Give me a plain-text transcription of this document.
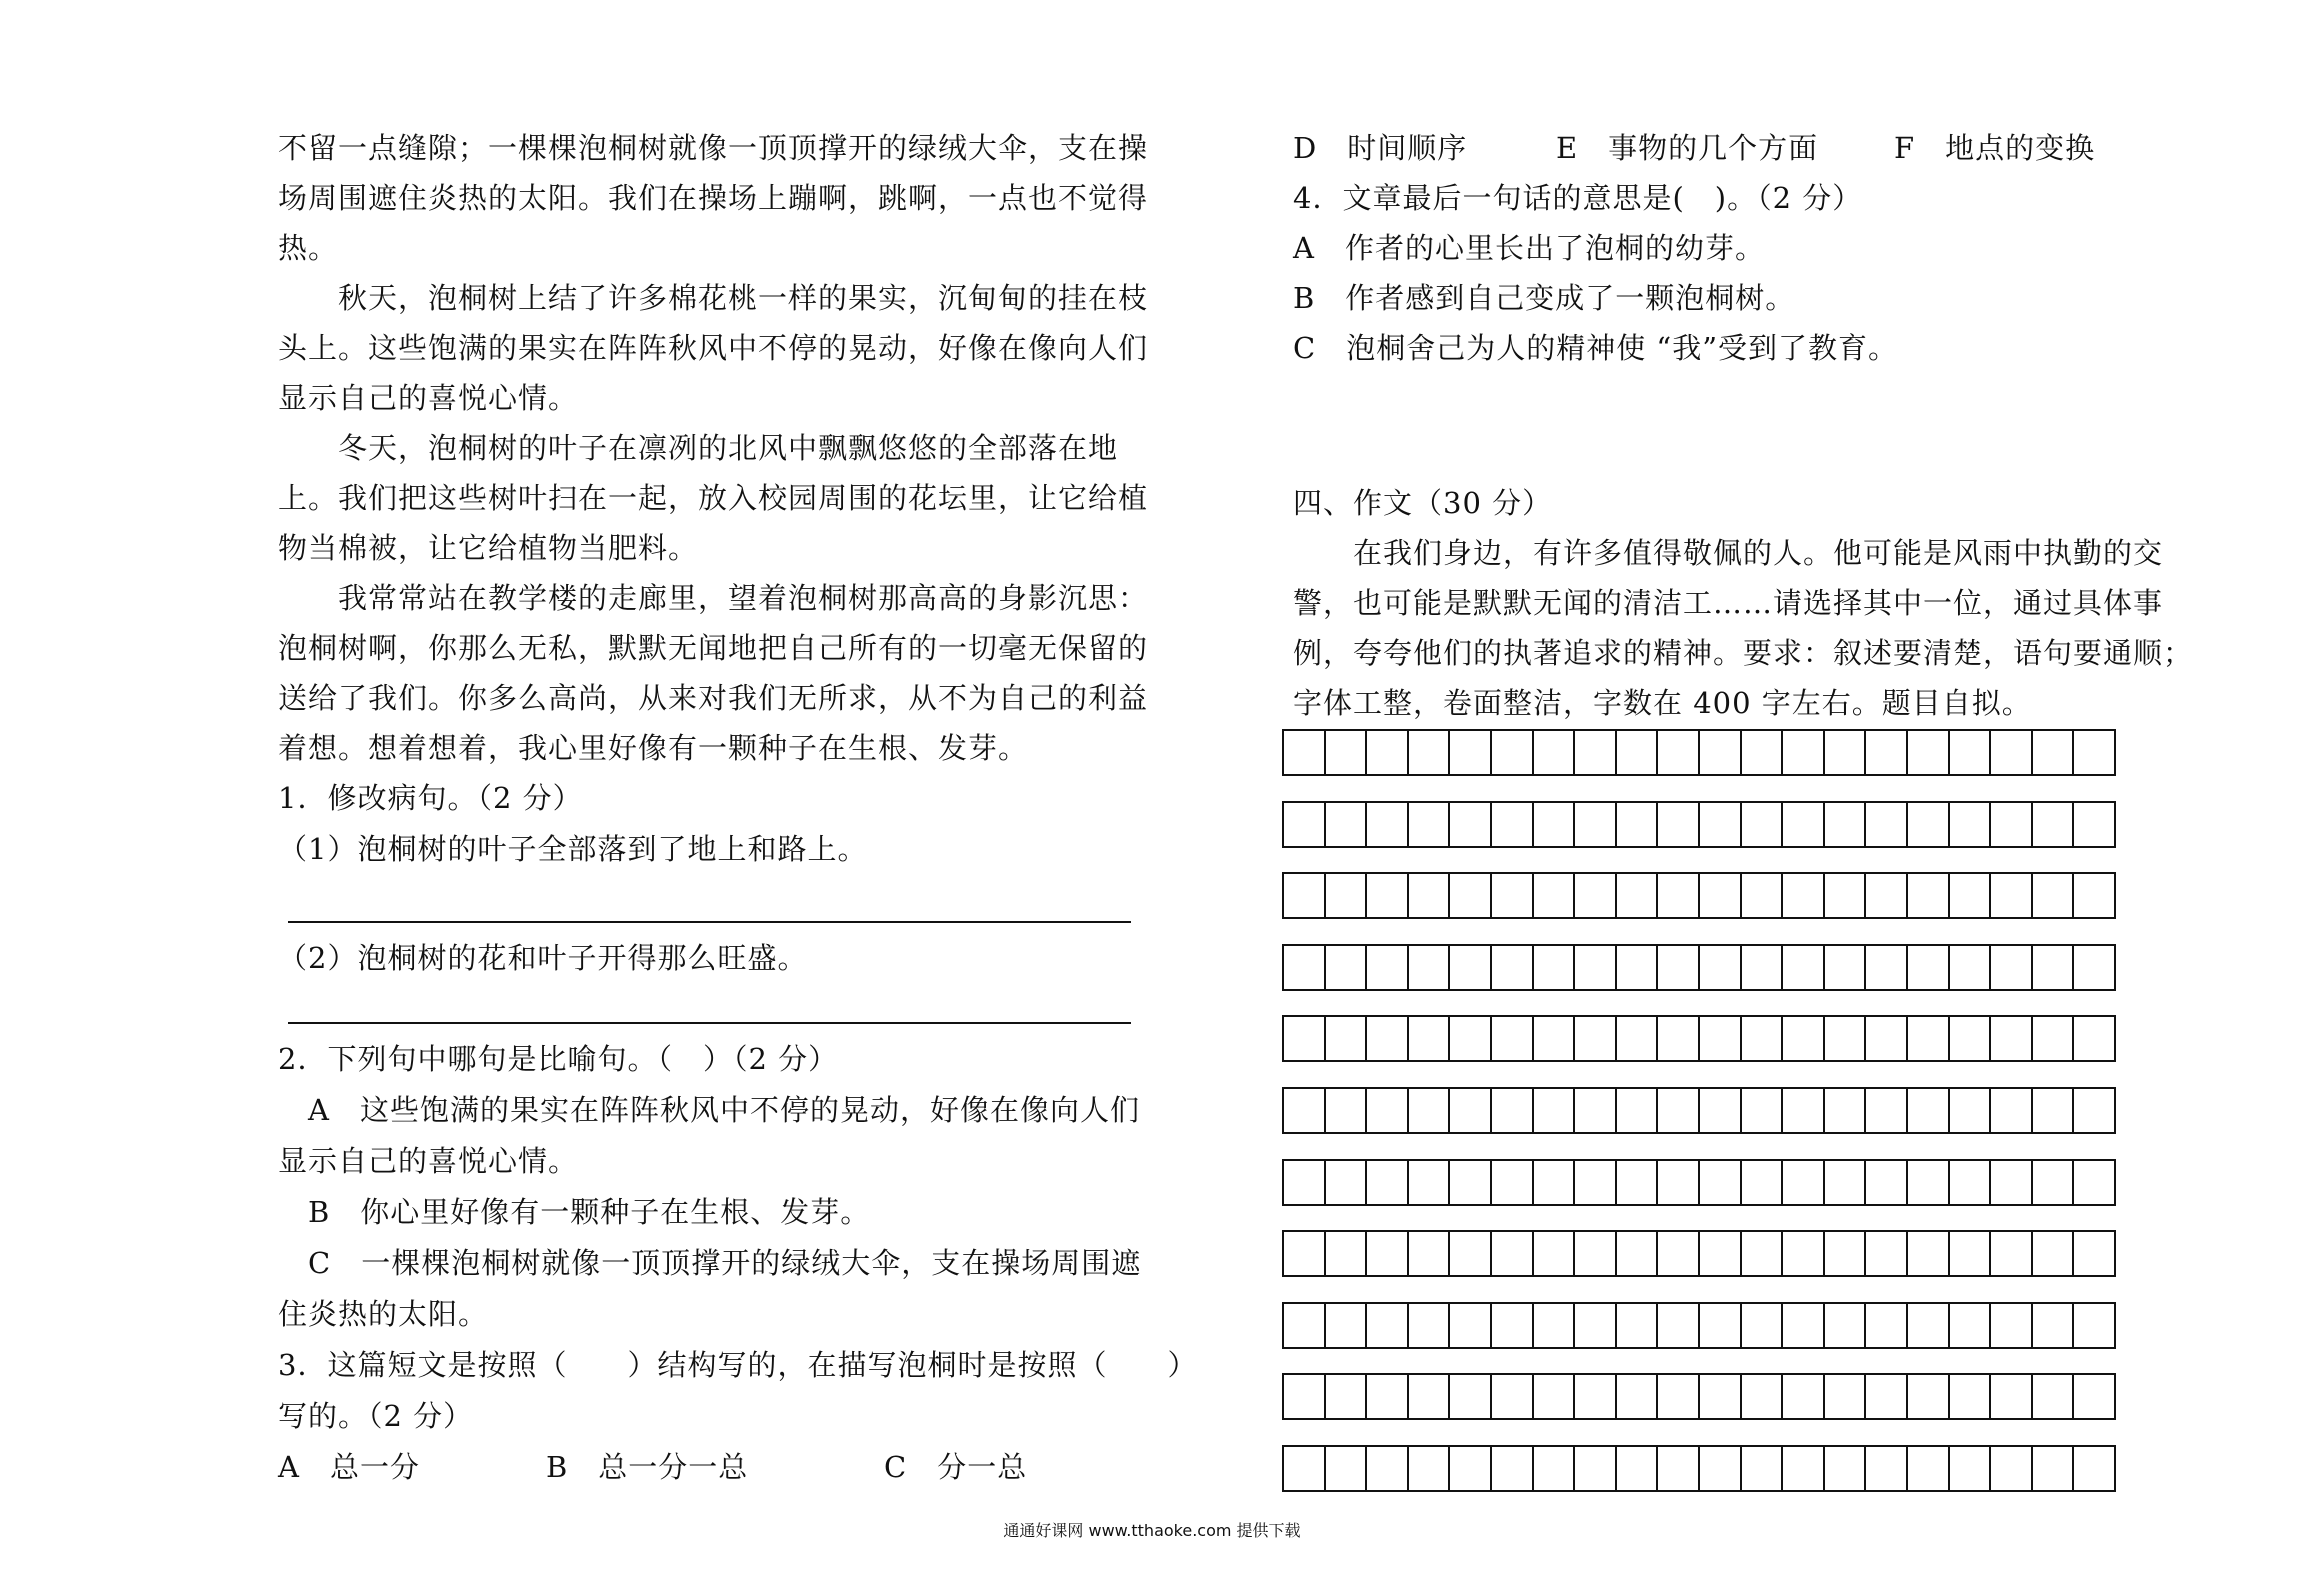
不留一点缝隙；一棵棵泡桐树就像一顶顶撑开的绿绒大伞，支在操
场周围遮住炎热的太阳。我们在操场上蹦啊，跳啊，一点也不觉得
热。
　　秋天，泡桐树上结了许多棉花桃一样的果实，沉甸甸的挂在枝
头上。这些饱满的果实在阵阵秋风中不停的晃动，好像在像向人们
显示自己的喜悦心情。
　　冬天，泡桐树的叶子在凛冽的北风中飘飘悠悠的全部落在地
上。我们把这些树叶扫在一起，放入校园周围的花坛里，让它给植
物当棉被，让它给植物当肥料。
　　我常常站在教学楼的走廊里，望着泡桐树那高高的身影沉思：
泡桐树啊，你那么无私，默默无闻地把自己所有的一切毫无保留的
送给了我们。你多么高尚，从来对我们无所求，从不为自己的利益
着想。想着想着，我心里好像有一颗种子在生根、发芽。
1．修改病句。（2 分）
（1）泡桐树的叶子全部落到了地上和路上。
（2）泡桐树的花和叶子开得那么旺盛。
2．下列句中哪句是比喻句。（　）（2 分）
　A　这些饱满的果实在阵阵秋风中不停的晃动，好像在像向人们
显示自己的喜悦心情。
　B　你心里好像有一颗种子在生根、发芽。
　C　一棵棵泡桐树就像一顶顶撑开的绿绒大伞，支在操场周围遮
住炎热的太阳。
3．这篇短文是按照（　　）结构写的，在描写泡桐时是按照（　　）
写的。（2 分）
A　总一分	B　总一分一总	C　分一总
D　时间顺序	E　事物的几个方面	F　地点的变换
4．文章最后一句话的意思是(　)。（2 分）
A　作者的心里长出了泡桐的幼芽。
B　作者感到自己变成了一颗泡桐树。
C　泡桐舍己为人的精神使 “我”受到了教育。
四、作文（30 分）
　　在我们身边，有许多值得敬佩的人。他可能是风雨中执勤的交
警，也可能是默默无闻的清洁工……请选择其中一位，通过具体事
例，夸夸他们的执著追求的精神。要求：叙述要清楚，语句要通顺；
字体工整，卷面整洁，字数在 400 字左右。题目自拟。
通通好课网 www.tthaoke.com 提供下载
